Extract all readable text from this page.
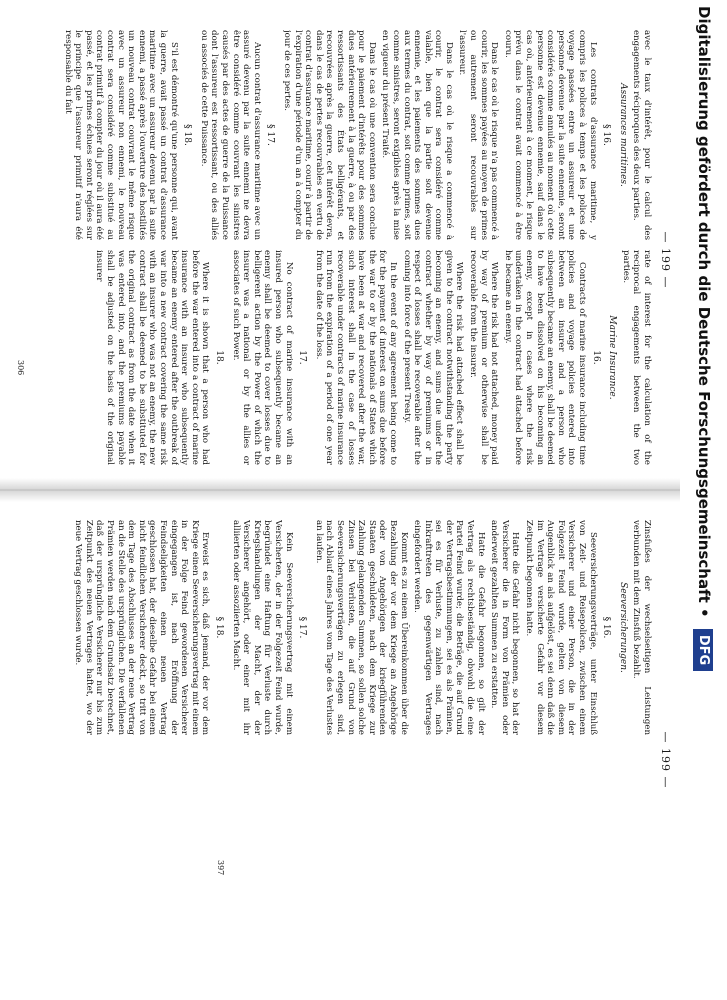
— 199 —
— 199 —

avec le taux d'intérêt, pour le calcul des engagements réciproques des deux parties.

Assurances maritimes.

§ 16.

Les contrats d'assurance maritime, y compris les polices à temps et les polices de voyage passées entre un assureur et une personne devenue par la suite ennemie, seront considérés comme annulés au moment où cette personne est devenue ennemie, sauf dans le cas où, antérieurement à ce moment, le risque prévu dans le contrat avait commencé à être couru.

Dans le cas où le risque n'a pas commencé à courir, les sommes payées au moyen de primes ou autrement seront recouvrables sur l'assureur.

Dans le cas où le risque a commencé à courir, le contrat sera considéré comme valable, bien que la partie soit devenue ennemie, et les paiements des sommes dues aux termes du contrat, soit comme primes, soit comme sinistres, seront exigibles après la mise en vigueur du présent Traité.

Dans le cas où une convention sera conclue pour le paiement d'intérêts pour des sommes dues antérieurement à la guerre, à ou par des ressortissants des États belligérants, et recouvrées après la guerre, cet intérêt devra, dans le cas de pertes recouvrables en vertu de contrat d'assurance maritime, courir à partir de l'expiration d'une période d'un an à compter du jour de ces pertes.

§ 17.

Aucun contrat d'assurance maritime avec un assuré devenu par la suite ennemi ne devra être considéré comme couvrant les sinistres causés par des actes de guerre de la Puissance dont l'assureur est ressortissant, ou des alliés ou associés de cette Puissance.

§ 18.

S'il est démontré qu'une personne qui, avant la guerre, avait passé un contrat d'assurance maritime avec un assureur devenu par la suite ennemi, a passé après l'ouverture des hostilités un nouveau contrat couvrant le même risque avec un assureur non ennemi, le nouveau contrat sera considéré comme substitué au contrat primitif à compter du jour où il aura été passé, et les primes échues seront réglées sur le principe que l'assureur primitif n'aura été responsable du fait

rate of interest for the calculation of the reciprocal engagements between the two parties.

Marine Insurance.

16.

Contracts of marine insurance including time policies and voyage policies entered into between an insurer and a person who subsequently became an enemy, shall be deemed to have been dissolved on his becoming an enemy, except in cases where the risk undertaken in the contract had attached before he became an enemy.

Where the risk had not attached, money paid by way of premium or otherwise shall be recoverable from the insurer.

Where the risk had attached effect shall be given to the contract notwithstanding the party becoming an enemy, and sums due under the contract whether by way of premiums or in respect of losses shall be recoverable after the coming into force of the present Treaty.

In the event of any agreement being come to for the payment of interest on sums due before the war to or by the nationals of States which have been at war and recovered after the war, such interest shall in the case of losses recoverable under contracts of marine insurance run from the expiration of a period of one year from the date of the loss.

17.

No contract of marine insurance with an insured person who subsequently became an enemy shall be deemed to cover losses due to belligerent action by the Power of which the insurer was a national or by the allies or associates of such Power.

18.

Where it is shown that a person who had before the war entered into a contract of marine insurance with an insurer who subsequently became an enemy entered after the outbreak of war into a new contract covering the same risk with an insurer who was not an enemy, the new contract shall be deemed to be substituted for the original contract as from the date when it was entered into, and the premiums payable shall be adjusted on the basis of the original insurer

306

Zinsfußes der wechselseitigen Leistungen verbunden mit dem Zinsfuß bezahlt.

Seeversicherungen.

§ 16.

Seeversicherungsverträge, unter Einschluß von Zeit- und Reisepolicen, zwischen einem Versicherer und einer Person, die in der Folgezeit Feind wurde, gelten von diesem Augenblick an als aufgelöst, es sei denn daß die im Vertrage versicherte Gefahr vor diesem Zeitpunkt begonnen hatte.

Hatte die Gefahr nicht begonnen, so hat der Versicherer die in Form von Prämien oder anderweit gezahlten Summen zu erstatten.

Hatte die Gefahr begonnen, so gilt der Vertrag als rechtsbeständig, obwohl die eine Partei Feind wurde; die Beträge, die auf Grund der Vertragsbestimmungen, sei es als Prämien, sei es für Verluste, zu zahlen sind, nach Inkrafttreten des gegenwärtigen Vertrages eingefordert werden.

Kommt es zu einem Übereinkommen über die Bezahlung der vor dem Kriege an Angehörige oder von Angehörigen der kriegführenden Staaten geschuldeten, nach dem Kriege zur Zahlung gelangenden Summen, so sollen solche Zinsen bei Verlusten, die auf Grund von Seeversicherungsverträgen zu erlegen sind, nach Ablauf eines Jahres vom Tage des Verlustes an laufen.

§ 17.

Kein Seeversicherungsvertrag mit einem Versicherten, der in der Folgezeit Feind wurde, begründet eine Haftung für Verluste durch Kriegshandlungen der Macht, der der Versicherer angehört, oder einer mit ihr alliierten oder assoziierten Macht.

§ 18.

Erweist es sich, daß jemand, der vor dem Kriege einen Seeversicherungsvertrag mit einem in der Folge Feind gewordenen Versicherer eingegangen ist, nach Eröffnung der Feindseligkeiten einen neuen Vertrag geschlossen hat, der dieselbe Gefahr bei einem nicht feindlichen Versicherer deckt, so tritt von dem Tage des Abschlusses an der neue Vertrag an die Stelle des ursprünglichen. Die verfallenen Prämien werden nach dem Grundsatz berechnet, daß der ursprüngliche Versicherer nur bis zum Zeitpunkt des neuen Vertrages haftet, wo der neue Vertrag geschlossen wurde.

397
Digitalisierung gefördert durch die Deutsche Forschungsgemeinschaft • DFG
